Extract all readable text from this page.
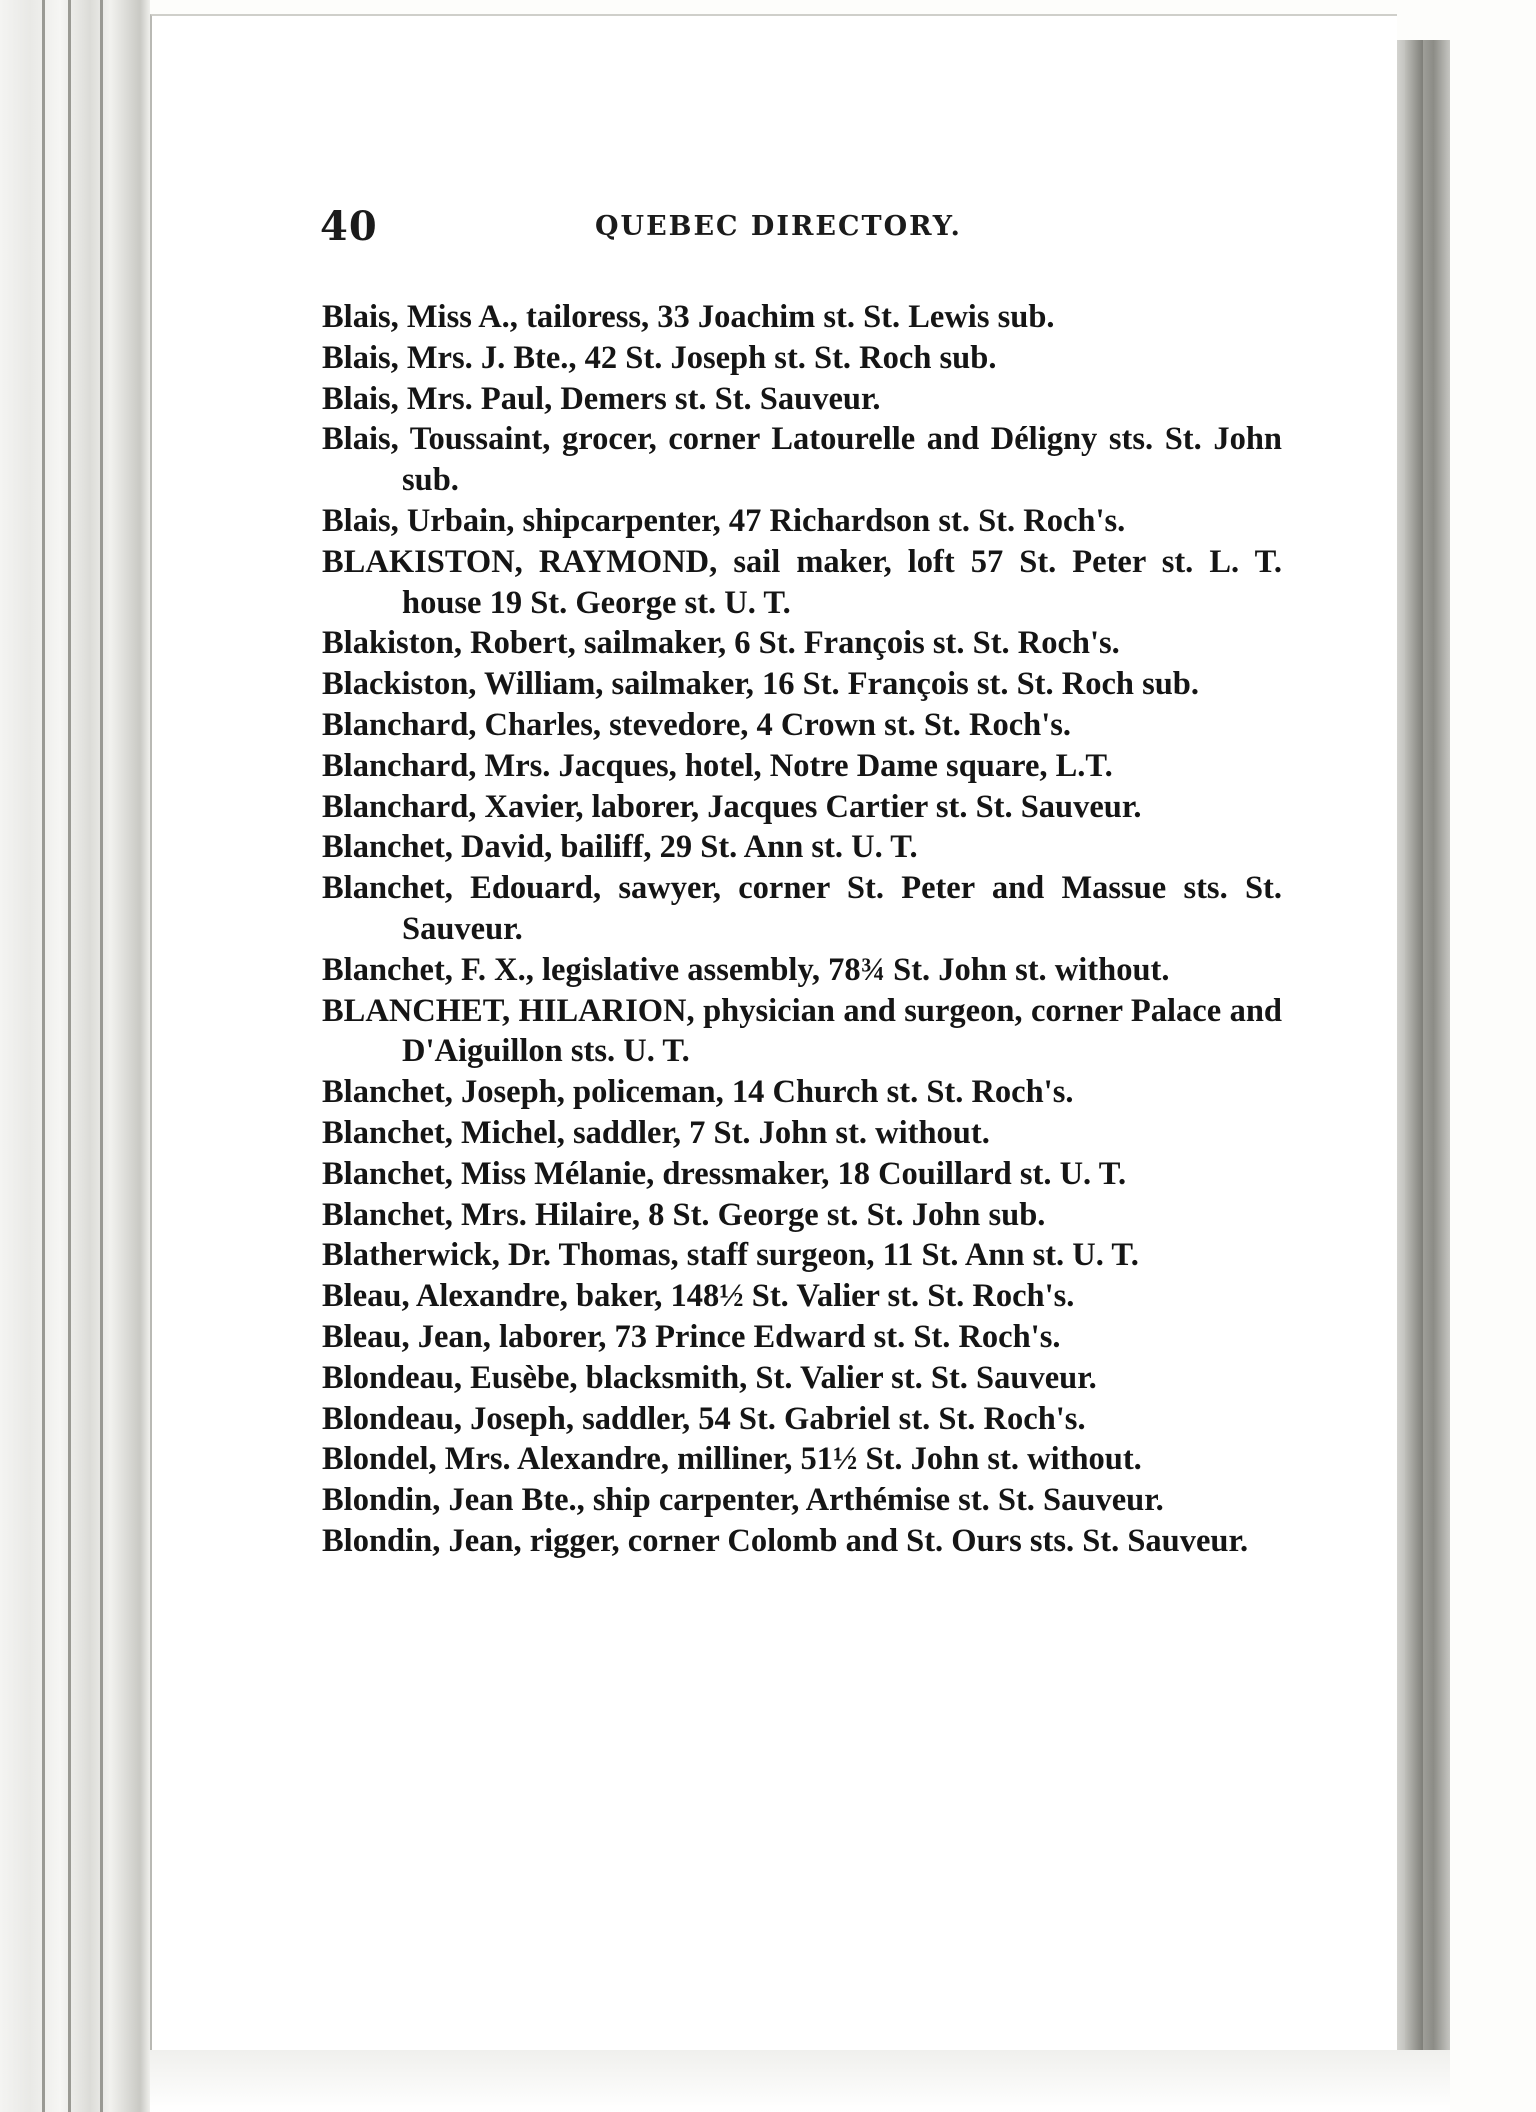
40	QUEBEC DIRECTORY.

Blais, Miss A., tailoress, 33 Joachim st. St. Lewis sub.

Blais, Mrs. J. Bte., 42 St. Joseph st. St. Roch sub.

Blais, Mrs. Paul, Demers st. St. Sauveur.

Blais, Toussaint, grocer, corner Latourelle and Déligny sts. St. John sub.

Blais, Urbain, shipcarpenter, 47 Richardson st. St. Roch's.

BLAKISTON, RAYMOND, sail maker, loft 57 St. Peter st. L. T. house 19 St. George st. U. T.

Blakiston, Robert, sailmaker, 6 St. François st. St. Roch's.

Blackiston, William, sailmaker, 16 St. François st. St. Roch sub.

Blanchard, Charles, stevedore, 4 Crown st. St. Roch's.

Blanchard, Mrs. Jacques, hotel, Notre Dame square, L.T.

Blanchard, Xavier, laborer, Jacques Cartier st. St. Sauveur.

Blanchet, David, bailiff, 29 St. Ann st. U. T.

Blanchet, Edouard, sawyer, corner St. Peter and Massue sts. St. Sauveur.

Blanchet, F. X., legislative assembly, 78¾ St. John st. without.

BLANCHET, HILARION, physician and surgeon, corner Palace and D'Aiguillon sts. U. T.

Blanchet, Joseph, policeman, 14 Church st. St. Roch's.

Blanchet, Michel, saddler, 7 St. John st. without.

Blanchet, Miss Mélanie, dressmaker, 18 Couillard st. U. T.

Blanchet, Mrs. Hilaire, 8 St. George st. St. John sub.

Blatherwick, Dr. Thomas, staff surgeon, 11 St. Ann st. U. T.

Bleau, Alexandre, baker, 148½ St. Valier st. St. Roch's.

Bleau, Jean, laborer, 73 Prince Edward st. St. Roch's.

Blondeau, Eusèbe, blacksmith, St. Valier st. St. Sauveur.

Blondeau, Joseph, saddler, 54 St. Gabriel st. St. Roch's.

Blondel, Mrs. Alexandre, milliner, 51½ St. John st. without.

Blondin, Jean Bte., ship carpenter, Arthémise st. St. Sauveur.

Blondin, Jean, rigger, corner Colomb and St. Ours sts. St. Sauveur.
